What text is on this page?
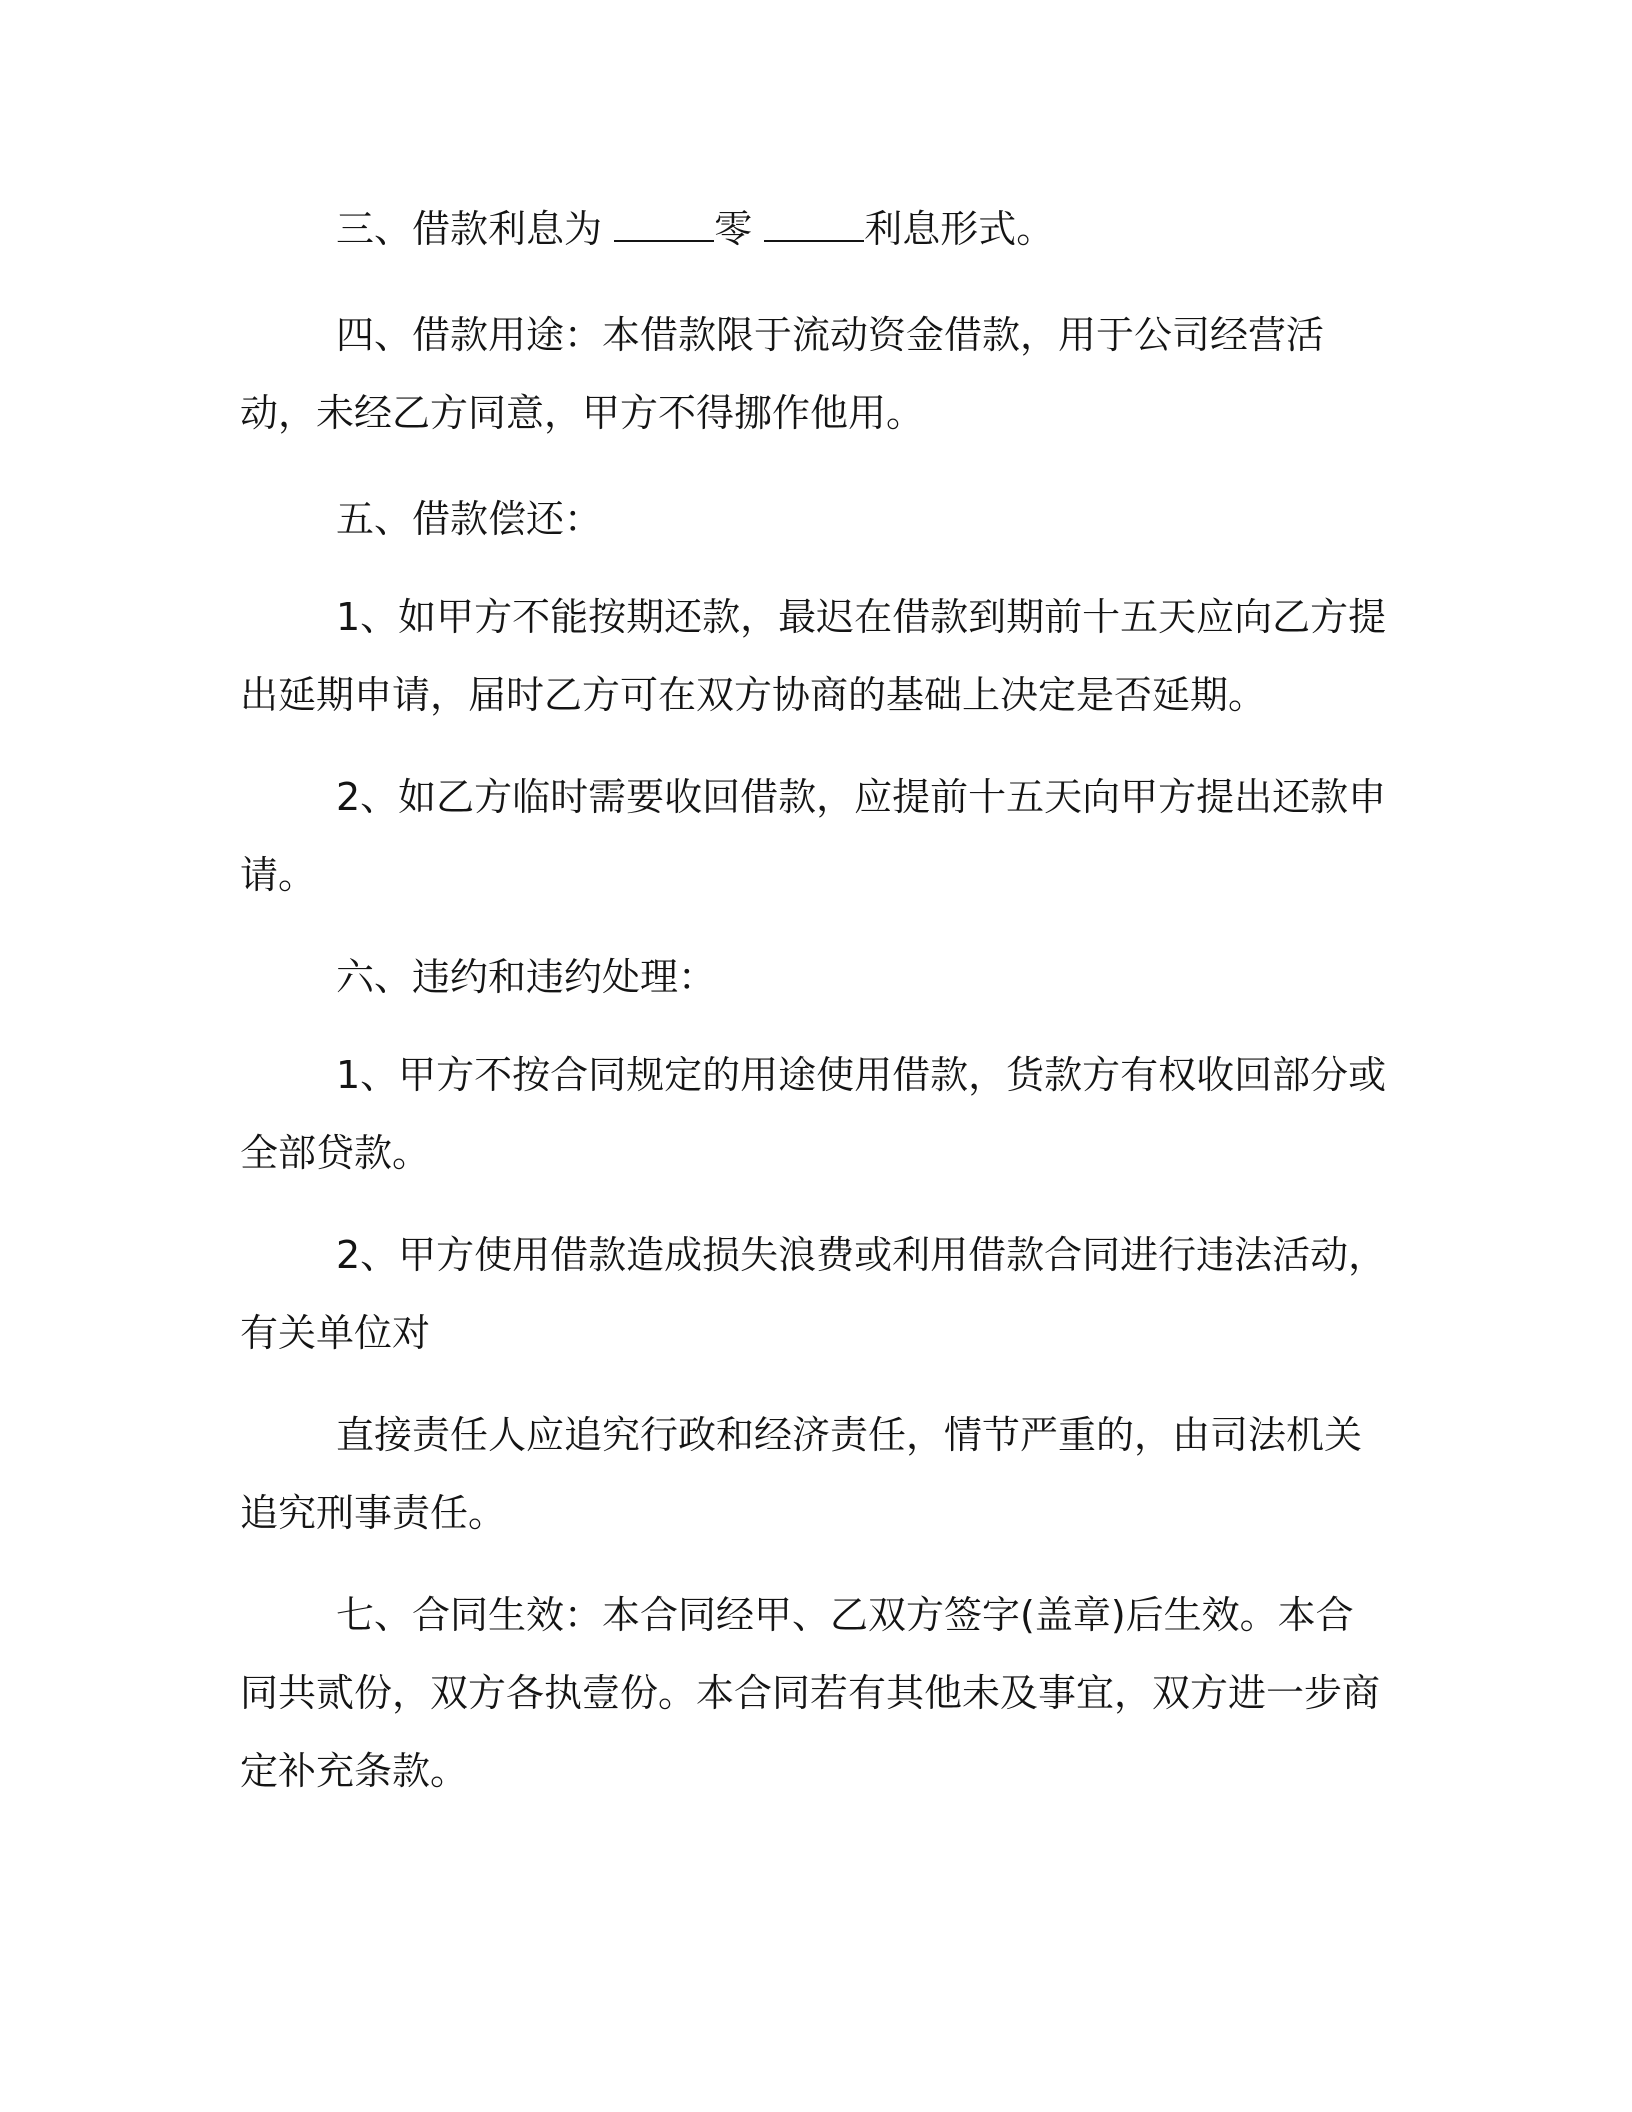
三、借款利息为	零	利息形式。

四、借款用途：本借款限于流动资金借款，用于公司经营活动，未经乙方同意，甲方不得挪作他用。

五、借款偿还：

1、如甲方不能按期还款，最迟在借款到期前十五天应向乙方提出延期申请，届时乙方可在双方协商的基础上决定是否延期。

2、如乙方临时需要收回借款，应提前十五天向甲方提出还款申请。

六、违约和违约处理：

1、甲方不按合同规定的用途使用借款，货款方有权收回部分或全部贷款。

2、甲方使用借款造成损失浪费或利用借款合同进行违法活动，有关单位对

直接责任人应追究行政和经济责任，情节严重的，由司法机关追究刑事责任。

七、合同生效：本合同经甲、乙双方签字(盖章)后生效。本合同共贰份，双方各执壹份。本合同若有其他未及事宜，双方进一步商定补充条款。
